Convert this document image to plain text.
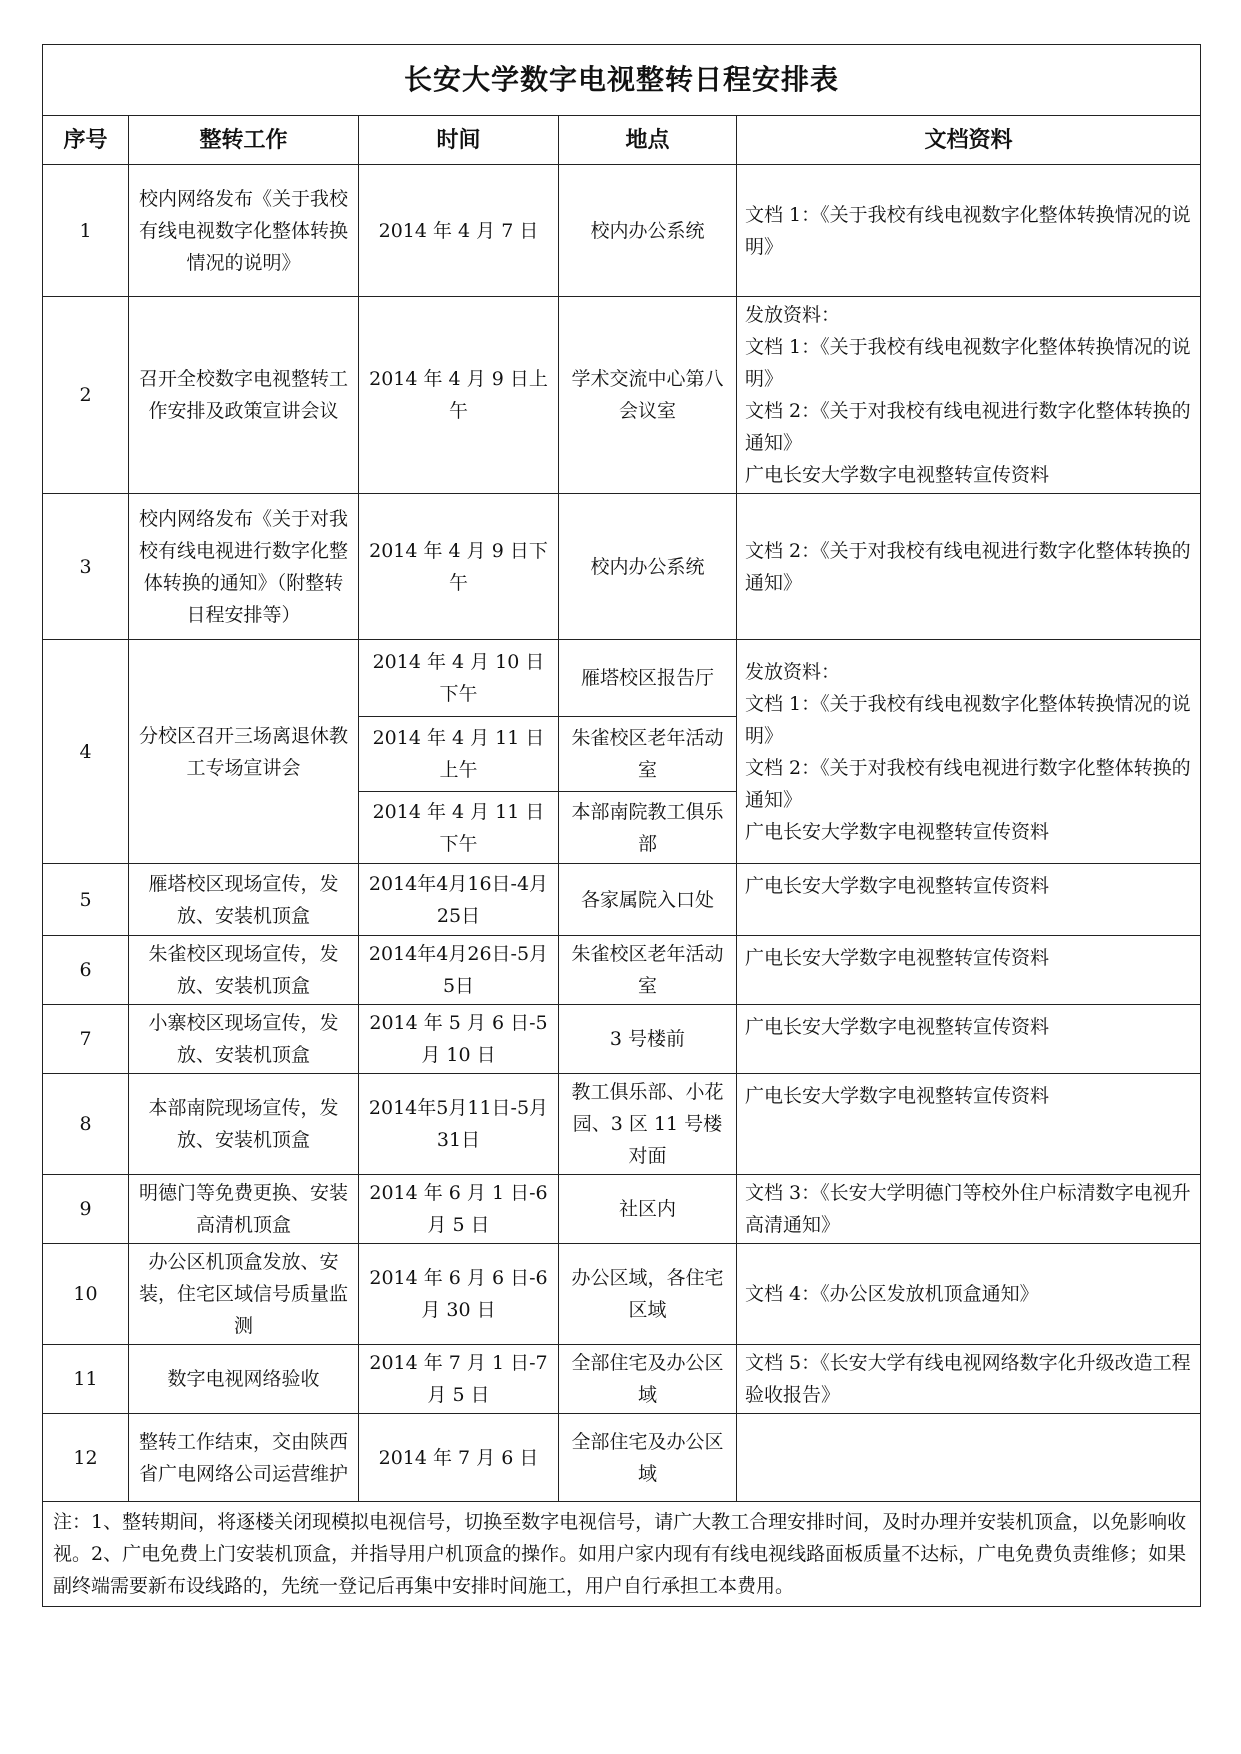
长安大学数字电视整转日程安排表				
序号	整转工作	时间	地点	文档资料
1	校内网络发布《关于我校有线电视数字化整体转换情况的说明》	2014 年 4 月 7 日	校内办公系统	文档 1：《关于我校有线电视数字化整体转换情况的说明》

2	召开全校数字电视整转工作安排及政策宣讲会议	2014 年 4 月 9 日上午	学术交流中心第八会议室	发放资料：
文档 1：《关于我校有线电视数字化整体转换情况的说明》
文档 2：《关于对我校有线电视进行数字化整体转换的通知》
广电长安大学数字电视整转宣传资料

3	校内网络发布《关于对我校有线电视进行数字化整体转换的通知》（附整转日程安排等）	2014 年 4 月 9 日下午	校内办公系统	文档 2：《关于对我校有线电视进行数字化整体转换的通知》

4	分校区召开三场离退休教工专场宣讲会	2014 年 4 月 10 日下午	雁塔校区报告厅	发放资料：
文档 1：《关于我校有线电视数字化整体转换情况的说明》
文档 2：《关于对我校有线电视进行数字化整体转换的通知》
广电长安大学数字电视整转宣传资料

		2014 年 4 月 11 日上午	朱雀校区老年活动室	
		2014 年 4 月 11 日下午	本部南院教工俱乐部	
5	雁塔校区现场宣传，发放、安装机顶盒	2014年4月16日-4月25日	各家属院入口处	广电长安大学数字电视整转宣传资料

6	朱雀校区现场宣传，发放、安装机顶盒	2014年4月26日-5月5日	朱雀校区老年活动室	广电长安大学数字电视整转宣传资料

7	小寨校区现场宣传，发放、安装机顶盒	2014 年 5 月 6 日-5 月 10 日	3 号楼前	广电长安大学数字电视整转宣传资料

8	本部南院现场宣传，发放、安装机顶盒	2014年5月11日-5月31日	教工俱乐部、小花园、3 区 11 号楼对面	广电长安大学数字电视整转宣传资料

9	明德门等免费更换、安装高清机顶盒	2014 年 6 月 1 日-6 月 5 日	社区内	文档 3：《长安大学明德门等校外住户标清数字电视升高清通知》

10	办公区机顶盒发放、安装，住宅区域信号质量监测	2014 年 6 月 6 日-6 月 30 日	办公区域，各住宅区域	文档 4：《办公区发放机顶盒通知》

11	数字电视网络验收	2014 年 7 月 1 日-7 月 5 日	全部住宅及办公区域	文档 5：《长安大学有线电视网络数字化升级改造工程验收报告》

12	整转工作结束，交由陕西省广电网络公司运营维护	2014 年 7 月 6 日	全部住宅及办公区域	
注：1、整转期间，将逐楼关闭现模拟电视信号，切换至数字电视信号，请广大教工合理安排时间，及时办理并安装机顶盒，以免影响收视。2、广电免费上门安装机顶盒，并指导用户机顶盒的操作。如用户家内现有有线电视线路面板质量不达标，广电免费负责维修；如果副终端需要新布设线路的，先统一登记后再集中安排时间施工，用户自行承担工本费用。				
